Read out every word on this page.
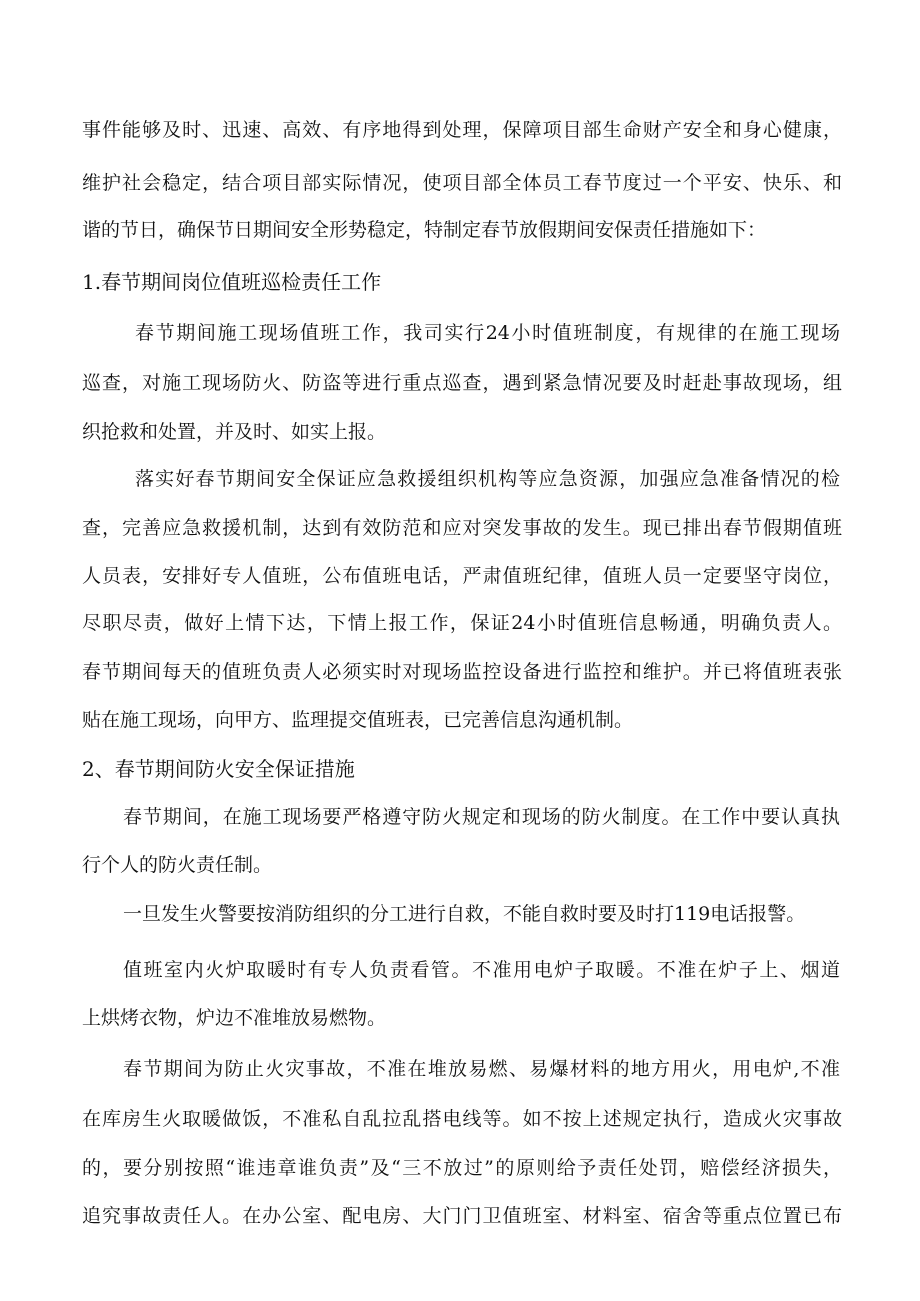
事件能够及时、迅速、高效、有序地得到处理，保障项目部生命财产安全和身心健康，
维护社会稳定，结合项目部实际情况，使项目部全体员工春节度过一个平安、快乐、和
谐的节日，确保节日期间安全形势稳定，特制定春节放假期间安保责任措施如下：
1.春节期间岗位值班巡检责任工作
春节期间施工现场值班工作，我司实行24小时值班制度，有规律的在施工现场
巡查，对施工现场防火、防盗等进行重点巡查，遇到紧急情况要及时赶赴事故现场，组
织抢救和处置，并及时、如实上报。
落实好春节期间安全保证应急救援组织机构等应急资源，加强应急准备情况的检
查，完善应急救援机制，达到有效防范和应对突发事故的发生。现已排出春节假期值班
人员表，安排好专人值班，公布值班电话，严肃值班纪律，值班人员一定要坚守岗位，
尽职尽责，做好上情下达，下情上报工作，保证24小时值班信息畅通，明确负责人。
春节期间每天的值班负责人必须实时对现场监控设备进行监控和维护。并已将值班表张
贴在施工现场，向甲方、监理提交值班表，已完善信息沟通机制。
2、春节期间防火安全保证措施
春节期间，在施工现场要严格遵守防火规定和现场的防火制度。在工作中要认真执
行个人的防火责任制。
一旦发生火警要按消防组织的分工进行自救，不能自救时要及时打119电话报警。
值班室内火炉取暖时有专人负责看管。不准用电炉子取暖。不准在炉子上、烟道
上烘烤衣物，炉边不准堆放易燃物。
春节期间为防止火灾事故，不准在堆放易燃、易爆材料的地方用火，用电炉,不准
在库房生火取暖做饭，不准私自乱拉乱搭电线等。如不按上述规定执行，造成火灾事故
的，要分别按照“谁违章谁负责”及“三不放过”的原则给予责任处罚，赔偿经济损失，
追究事故责任人。在办公室、配电房、大门门卫值班室、材料室、宿舍等重点位置已布
